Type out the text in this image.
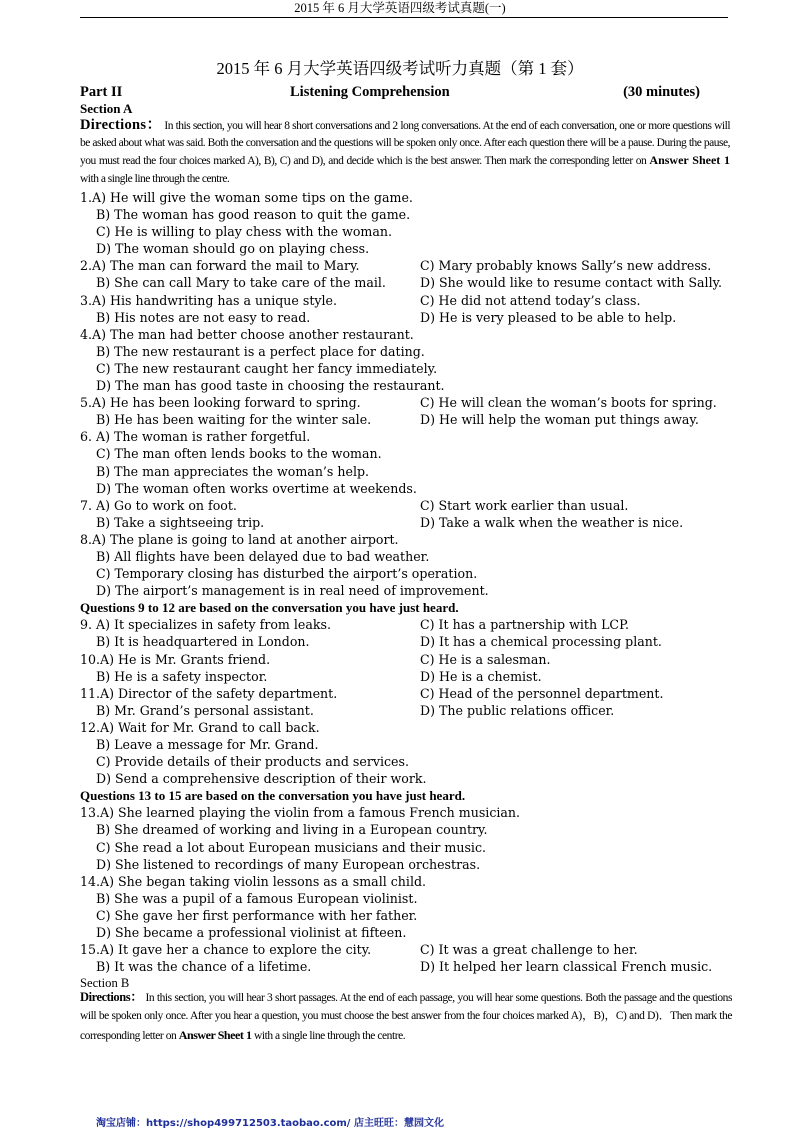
2015 年 6 月大学英语四级考试真题(一)
2015 年 6 月大学英语四级考试听力真题（第 1 套）
Part II	Listening Comprehension	(30 minutes)
Section A
Directions： In this section, you will hear 8 short conversations and 2 long conversations. At the end of each conversation, one or more questions will be asked about what was said. Both the conversation and the questions will be spoken only once. After each question there will be a pause. During the pause, you must read the four choices marked A), B), C) and D), and decide which is the best answer. Then mark the corresponding letter on Answer Sheet 1 with a single line through the centre.
1.A) He will give the woman some tips on the game.
B) The woman has good reason to quit the game.
C) He is willing to play chess with the woman.
D) The woman should go on playing chess.
2.A) The man can forward the mail to Mary.	C) Mary probably knows Sally’s new address.
B) She can call Mary to take care of the mail.	D) She would like to resume contact with Sally.
3.A) His handwriting has a unique style.	C) He did not attend today’s class.
B) His notes are not easy to read.	D) He is very pleased to be able to help.
4.A) The man had better choose another restaurant.
B) The new restaurant is a perfect place for dating.
C) The new restaurant caught her fancy immediately.
D) The man has good taste in choosing the restaurant.
5.A) He has been looking forward to spring.	C) He will clean the woman’s boots for spring.
B) He has been waiting for the winter sale.	D) He will help the woman put things away.
6. A) The woman is rather forgetful.
C) The man often lends books to the woman.
B) The man appreciates the woman’s help.
D) The woman often works overtime at weekends.
7. A) Go to work on foot.	C) Start work earlier than usual.
B) Take a sightseeing trip.	D) Take a walk when the weather is nice.
8.A) The plane is going to land at another airport.
B) All flights have been delayed due to bad weather.
C) Temporary closing has disturbed the airport’s operation.
D) The airport’s management is in real need of improvement.
Questions 9 to 12 are based on the conversation you have just heard.
9. A) It specializes in safety from leaks.	C) It has a partnership with LCP.
B) It is headquartered in London.	D) It has a chemical processing plant.
10.A) He is Mr. Grants friend.	C) He is a salesman.
B) He is a safety inspector.	D) He is a chemist.
11.A) Director of the safety department.	C) Head of the personnel department.
B) Mr. Grand’s personal assistant.	D) The public relations officer.
12.A) Wait for Mr. Grand to call back.
B) Leave a message for Mr. Grand.
C) Provide details of their products and services.
D) Send a comprehensive description of their work.
Questions 13 to 15 are based on the conversation you have just heard.
13.A) She learned playing the violin from a famous French musician.
B) She dreamed of working and living in a European country.
C) She read a lot about European musicians and their music.
D) She listened to recordings of many European orchestras.
14.A) She began taking violin lessons as a small child.
B) She was a pupil of a famous European violinist.
C) She gave her first performance with her father.
D) She became a professional violinist at fifteen.
15.A) It gave her a chance to explore the city.	C) It was a great challenge to her.
B) It was the chance of a lifetime.	D) It helped her learn classical French music.
Section B
Directions： In this section, you will hear 3 short passages. At the end of each passage, you will hear some questions. Both the passage and the questions will be spoken only once. After you hear a question, you must choose the best answer from the four choices marked A)，B)，C) and D)．Then mark the corresponding letter on Answer Sheet 1 with a single line through the centre.
淘宝店铺：https://shop499712503.taobao.com/ 店主旺旺：慧园文化
